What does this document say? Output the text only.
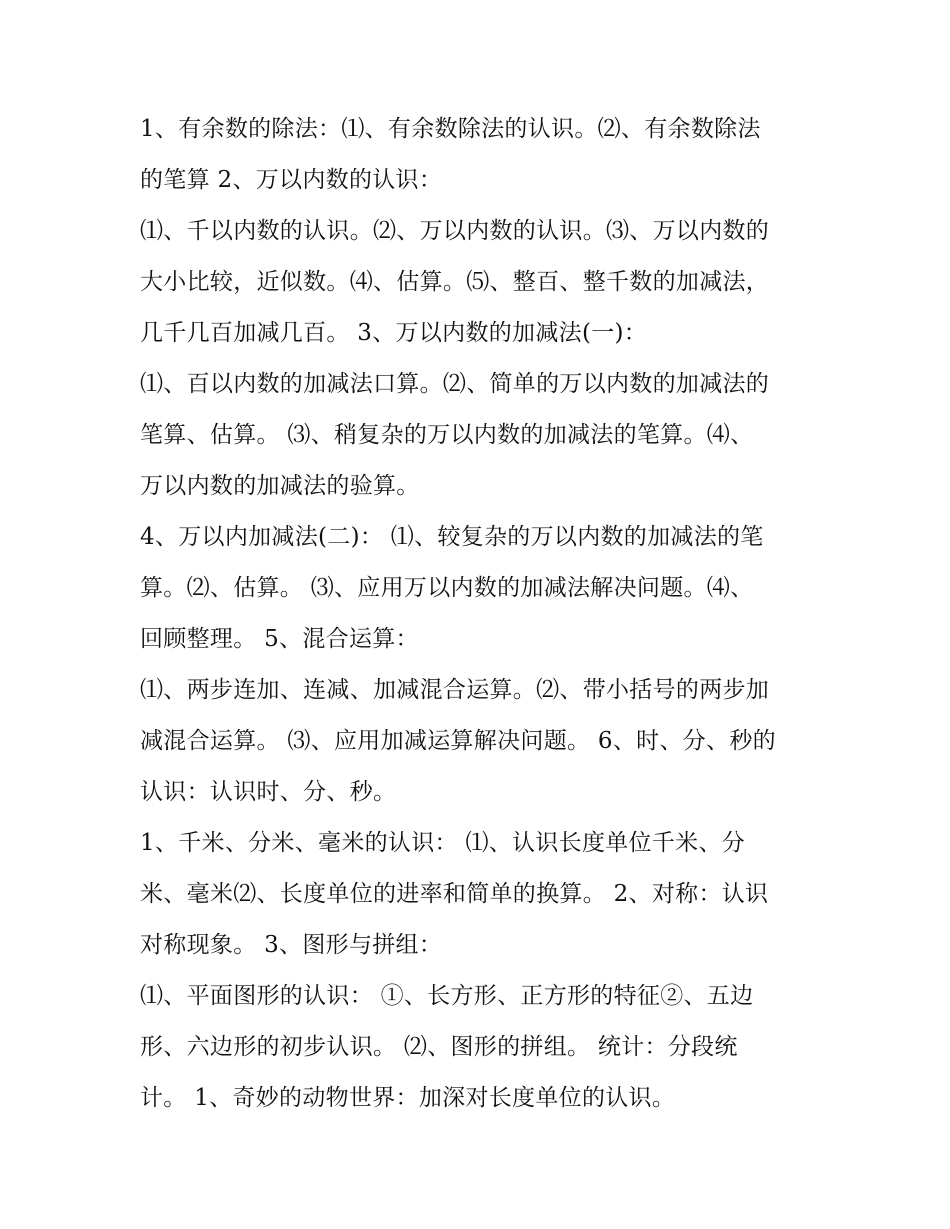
1、有余数的除法：⑴、有余数除法的认识。⑵、有余数除法
的笔算 2、万以内数的认识：
⑴、千以内数的认识。⑵、万以内数的认识。⑶、万以内数的
大小比较，近似数。⑷、估算。⑸、整百、整千数的加减法，
几千几百加减几百。 3、万以内数的加减法(一)：
⑴、百以内数的加减法口算。⑵、简单的万以内数的加减法的
笔算、估算。 ⑶、稍复杂的万以内数的加减法的笔算。⑷、
万以内数的加减法的验算。
4、万以内加减法(二)： ⑴、较复杂的万以内数的加减法的笔
算。⑵、估算。 ⑶、应用万以内数的加减法解决问题。⑷、
回顾整理。 5、混合运算：
⑴、两步连加、连减、加减混合运算。⑵、带小括号的两步加
减混合运算。 ⑶、应用加减运算解决问题。 6、时、分、秒的
认识：认识时、分、秒。
1、千米、分米、毫米的认识： ⑴、认识长度单位千米、分
米、毫米⑵、长度单位的进率和简单的换算。 2、对称：认识
对称现象。 3、图形与拼组：
⑴、平面图形的认识： ①、长方形、正方形的特征②、五边
形、六边形的初步认识。 ⑵、图形的拼组。 统计：分段统
计。 1、奇妙的动物世界：加深对长度单位的认识。
